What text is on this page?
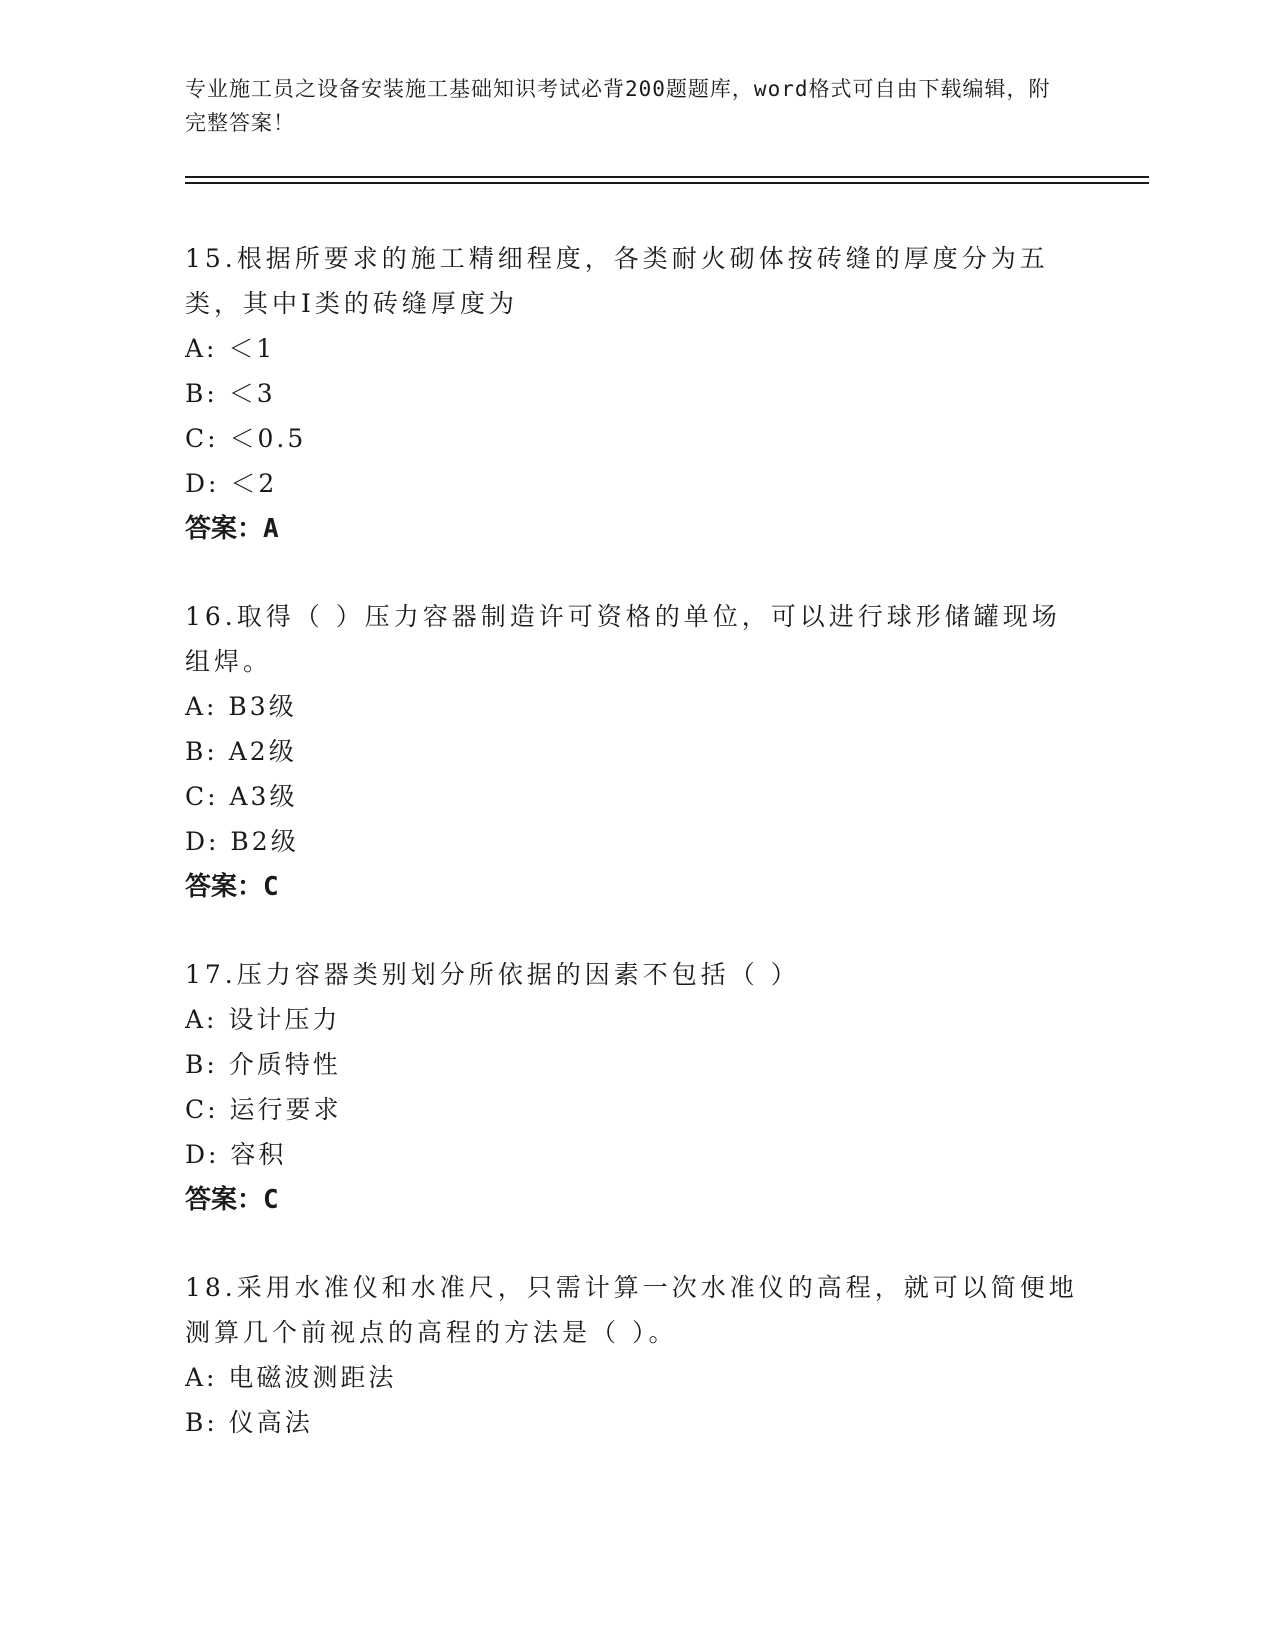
专业施工员之设备安装施工基础知识考试必背200题题库，word格式可自由下载编辑，附完整答案！
15.根据所要求的施工精细程度，各类耐火砌体按砖缝的厚度分为五类，其中Ⅰ类的砖缝厚度为
A: ＜1
B: ＜3
C: ＜0.5
D: ＜2
答案：A
16.取得（ ）压力容器制造许可资格的单位，可以进行球形储罐现场组焊。
A: B3级
B: A2级
C: A3级
D: B2级
答案：C
17.压力容器类别划分所依据的因素不包括（ ）
A: 设计压力
B: 介质特性
C: 运行要求
D: 容积
答案：C
18.采用水准仪和水准尺，只需计算一次水准仪的高程，就可以简便地测算几个前视点的高程的方法是（ ）。
A: 电磁波测距法
B: 仪高法
